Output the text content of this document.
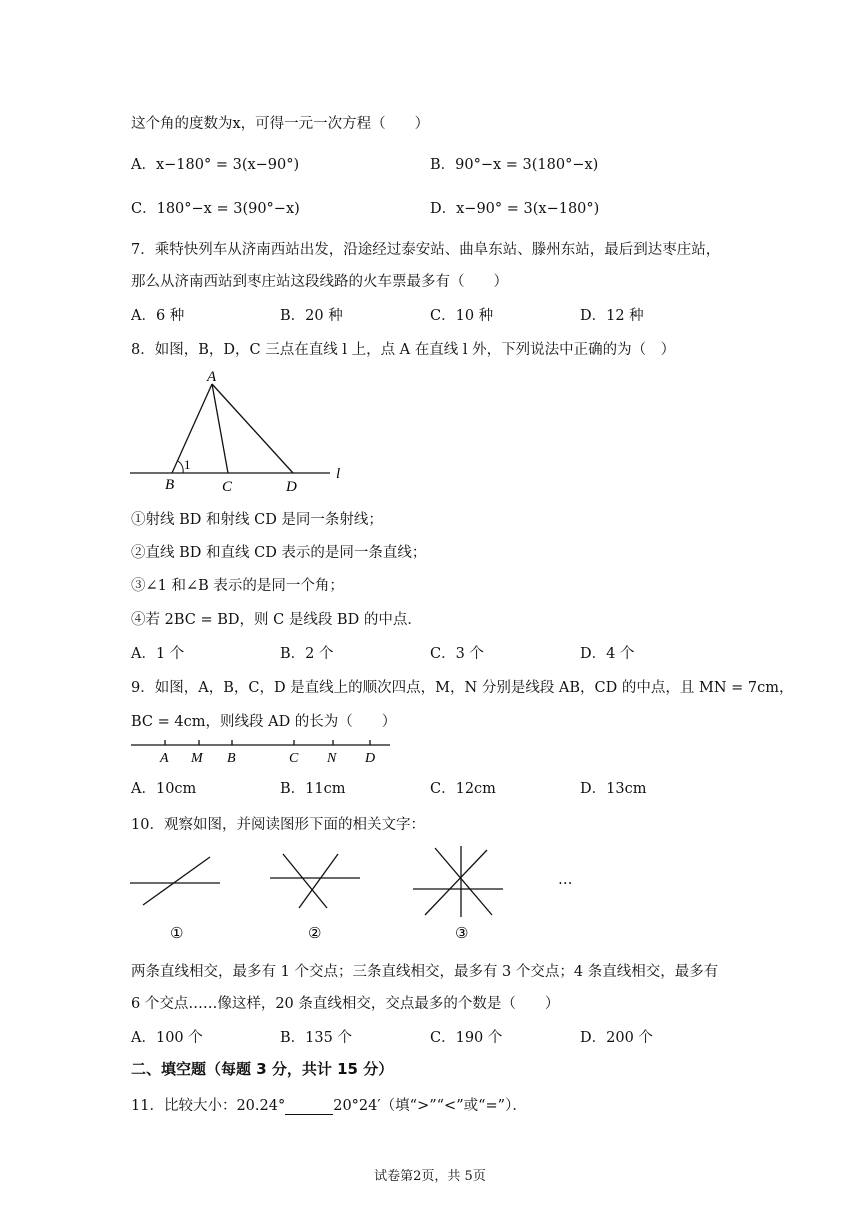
这个角的度数为x，可得一元一次方程（　　）
A．x−180° = 3(x−90°)	B．90°−x = 3(180°−x)
C．180°−x = 3(90°−x)	D．x−90° = 3(x−180°)
7．乘特快列车从济南西站出发，沿途经过泰安站、曲阜东站、滕州东站，最后到达枣庄站，
那么从济南西站到枣庄站这段线路的火车票最多有（　　）
A．6 种	B．20 种	C．10 种	D．12 种
8．如图，B，D，C 三点在直线 l 上，点 A 在直线 l 外，下列说法中正确的为（　）
A
B	C	D
l
1
①射线 BD 和射线 CD 是同一条射线；
②直线 BD 和直线 CD 表示的是同一条直线；
③∠1 和∠B 表示的是同一个角；
④若 2BC = BD，则 C 是线段 BD 的中点．
A．1 个	B．2 个	C．3 个	D．4 个
9．如图，A，B，C，D 是直线上的顺次四点，M，N 分别是线段 AB，CD 的中点，且 MN = 7cm，
BC = 4cm，则线段 AD 的长为（　　）
A M B	C N D
A．10cm	B．11cm	C．12cm	D．13cm
10．观察如图，并阅读图形下面的相关文字：
①	②	③
…
两条直线相交，最多有 1 个交点；三条直线相交，最多有 3 个交点；4 条直线相交，最多有
6 个交点……像这样，20 条直线相交，交点最多的个数是（　　）
A．100 个	B．135 个	C．190 个	D．200 个
二、填空题（每题 3 分，共计 15 分）
11．比较大小：20.24°	20°24′（填“>”“<”或“=”）．
试卷第2页，共 5页
